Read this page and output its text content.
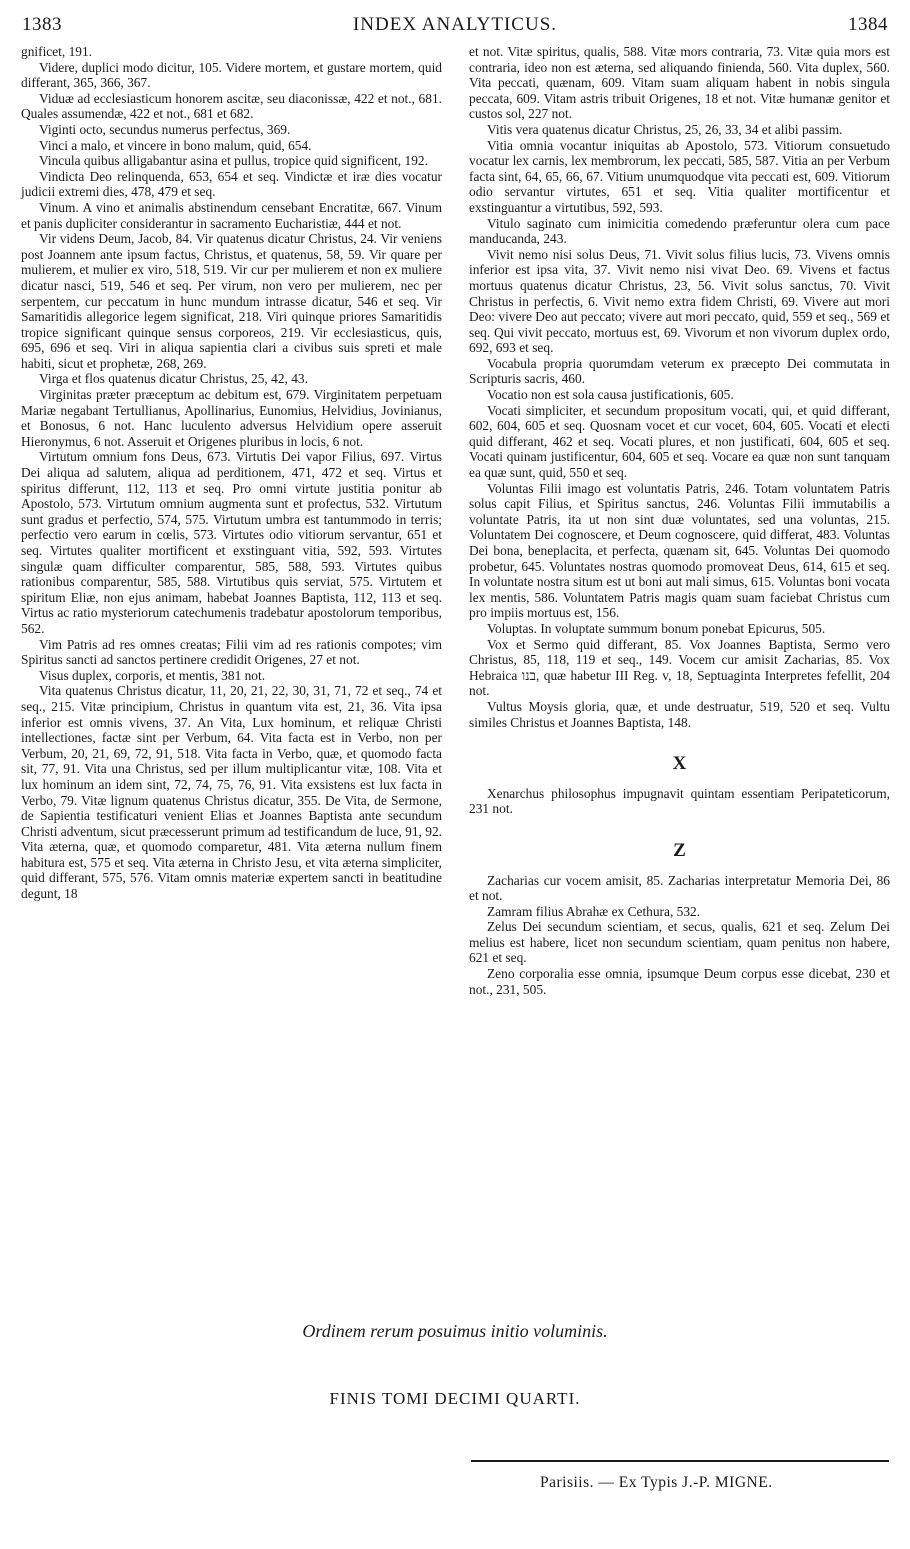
1383	INDEX ANALYTICUS.	1384

gnificet, 191.

Videre, duplici modo dicitur, 105. Videre mortem, et gustare mortem, quid differant, 365, 366, 367.

Viduæ ad ecclesiasticum honorem ascitæ, seu diaconissæ, 422 et not., 681. Quales assumendæ, 422 et not., 681 et 682.

Viginti octo, secundus numerus perfectus, 369.

Vinci a malo, et vincere in bono malum, quid, 654.

Vincula quibus alligabantur asina et pullus, tropice quid significent, 192.

Vindicta Deo relinquenda, 653, 654 et seq. Vindictæ et iræ dies vocatur judicii extremi dies, 478, 479 et seq.

Vinum. A vino et animalis abstinendum censebant Encratitæ, 667. Vinum et panis dupliciter considerantur in sacramento Eucharistiæ, 444 et not.

Vir videns Deum, Jacob, 84. Vir quatenus dicatur Christus, 24. Vir veniens post Joannem ante ipsum factus, Christus, et quatenus, 58, 59. Vir quare per mulierem, et mulier ex viro, 518, 519. Vir cur per mulierem et non ex muliere dicatur nasci, 519, 546 et seq. Per virum, non vero per mulierem, nec per serpentem, cur peccatum in hunc mundum intrasse dicatur, 546 et seq. Vir Samaritidis allegorice legem significat, 218. Viri quinque priores Samaritidis tropice significant quinque sensus corporeos, 219. Vir ecclesiasticus, quis, 695, 696 et seq. Viri in aliqua sapientia clari a civibus suis spreti et male habiti, sicut et prophetæ, 268, 269.

Virga et flos quatenus dicatur Christus, 25, 42, 43.

Virginitas præter præceptum ac debitum est, 679. Virginitatem perpetuam Mariæ negabant Tertullianus, Apollinarius, Eunomius, Helvidius, Jovinianus, et Bonosus, 6 not. Hanc luculento adversus Helvidium opere asseruit Hieronymus, 6 not. Asseruit et Origenes pluribus in locis, 6 not.

Virtutum omnium fons Deus, 673. Virtutis Dei vapor Filius, 697. Virtus Dei aliqua ad salutem, aliqua ad perditionem, 471, 472 et seq. Virtus et spiritus differunt, 112, 113 et seq. Pro omni virtute justitia ponitur ab Apostolo, 573. Virtutum omnium augmenta sunt et profectus, 532. Virtutum sunt gradus et perfectio, 574, 575. Virtutum umbra est tantummodo in terris; perfectio vero earum in cœlis, 573. Virtutes odio vitiorum servantur, 651 et seq. Virtutes qualiter mortificent et exstinguant vitia, 592, 593. Virtutes singulæ quam difficulter comparentur, 585, 588, 593. Virtutes quibus rationibus comparentur, 585, 588. Virtutibus quis serviat, 575. Virtutem et spiritum Eliæ, non ejus animam, habebat Joannes Baptista, 112, 113 et seq. Virtus ac ratio mysteriorum catechumenis tradebatur apostolorum temporibus, 562.

Vim Patris ad res omnes creatas; Filii vim ad res rationis compotes; vim Spiritus sancti ad sanctos pertinere credidit Origenes, 27 et not.

Visus duplex, corporis, et mentis, 381 not.

Vita quatenus Christus dicatur, 11, 20, 21, 22, 30, 31, 71, 72 et seq., 74 et seq., 215. Vitæ principium, Christus in quantum vita est, 21, 36. Vita ipsa inferior est omnis vivens, 37. An Vita, Lux hominum, et reliquæ Christi intellectiones, factæ sint per Verbum, 64. Vita facta est in Verbo, non per Verbum, 20, 21, 69, 72, 91, 518. Vita facta in Verbo, quæ, et quomodo facta sit, 77, 91. Vita una Christus, sed per illum multiplicantur vitæ, 108. Vita et lux hominum an idem sint, 72, 74, 75, 76, 91. Vita exsistens est lux facta in Verbo, 79. Vitæ lignum quatenus Christus dicatur, 355. De Vita, de Sermone, de Sapientia testificaturi venient Elias et Joannes Baptista ante secundum Christi adventum, sicut præcesserunt primum ad testificandum de luce, 91, 92. Vita æterna, quæ, et quomodo comparetur, 481. Vita æterna nullum finem habitura est, 575 et seq. Vita æterna in Christo Jesu, et vita æterna simpliciter, quid differant, 575, 576. Vitam omnis materiæ expertem sancti in beatitudine degunt, 18

et not. Vitæ spiritus, qualis, 588. Vitæ mors contraria, 73. Vitæ quia mors est contraria, ideo non est æterna, sed aliquando finienda, 560. Vita duplex, 560. Vita peccati, quænam, 609. Vitam suam aliquam habent in nobis singula peccata, 609. Vitam astris tribuit Origenes, 18 et not. Vitæ humanæ genitor et custos sol, 227 not.

Vitis vera quatenus dicatur Christus, 25, 26, 33, 34 et alibi passim.

Vitia omnia vocantur iniquitas ab Apostolo, 573. Vitiorum consuetudo vocatur lex carnis, lex membrorum, lex peccati, 585, 587. Vitia an per Verbum facta sint, 64, 65, 66, 67. Vitium unumquodque vita peccati est, 609. Vitiorum odio servantur virtutes, 651 et seq. Vitia qualiter mortificentur et exstinguantur a virtutibus, 592, 593.

Vitulo saginato cum inimicitia comedendo præferuntur olera cum pace manducanda, 243.

Vivit nemo nisi solus Deus, 71. Vivit solus filius lucis, 73. Vivens omnis inferior est ipsa vita, 37. Vivit nemo nisi vivat Deo. 69. Vivens et factus mortuus quatenus dicatur Christus, 23, 56. Vivit solus sanctus, 70. Vivit Christus in perfectis, 6. Vivit nemo extra fidem Christi, 69. Vivere aut mori Deo: vivere Deo aut peccato; vivere aut mori peccato, quid, 559 et seq., 569 et seq. Qui vivit peccato, mortuus est, 69. Vivorum et non vivorum duplex ordo, 692, 693 et seq.

Vocabula propria quorumdam veterum ex præcepto Dei commutata in Scripturis sacris, 460.

Vocatio non est sola causa justificationis, 605.

Vocati simpliciter, et secundum propositum vocati, qui, et quid differant, 602, 604, 605 et seq. Quosnam vocet et cur vocet, 604, 605. Vocati et electi quid differant, 462 et seq. Vocati plures, et non justificati, 604, 605 et seq. Vocati quinam justificentur, 604, 605 et seq. Vocare ea quæ non sunt tanquam ea quæ sunt, quid, 550 et seq.

Voluntas Filii imago est voluntatis Patris, 246. Totam voluntatem Patris solus capit Filius, et Spiritus sanctus, 246. Voluntas Filii immutabilis a voluntate Patris, ita ut non sint duæ voluntates, sed una voluntas, 215. Voluntatem Dei cognoscere, et Deum cognoscere, quid differat, 483. Voluntas Dei bona, beneplacita, et perfecta, quænam sit, 645. Voluntas Dei quomodo probetur, 645. Voluntates nostras quomodo promoveat Deus, 614, 615 et seq. In voluntate nostra situm est ut boni aut mali simus, 615. Voluntas boni vocata lex mentis, 586. Voluntatem Patris magis quam suam faciebat Christus cum pro impiis mortuus est, 156.

Voluptas. In voluptate summum bonum ponebat Epicurus, 505.

Vox et Sermo quid differant, 85. Vox Joannes Baptista, Sermo vero Christus, 85, 118, 119 et seq., 149. Vocem cur amisit Zacharias, 85. Vox Hebraica בנו, quæ habetur III Reg. v, 18, Septuaginta Interpretes fefellit, 204 not.

Vultus Moysis gloria, quæ, et unde destruatur, 519, 520 et seq. Vultu similes Christus et Joannes Baptista, 148.

X

Xenarchus philosophus impugnavit quintam essentiam Peripateticorum, 231 not.

Z

Zacharias cur vocem amisit, 85. Zacharias interpretatur Memoria Dei, 86 et not.

Zamram filius Abrahæ ex Cethura, 532.

Zelus Dei secundum scientiam, et secus, qualis, 621 et seq. Zelum Dei melius est habere, licet non secundum scientiam, quam penitus non habere, 621 et seq.

Zeno corporalia esse omnia, ipsumque Deum corpus esse dicebat, 230 et not., 231, 505.

Ordinem rerum posuimus initio voluminis.
FINIS TOMI DECIMI QUARTI.
Parisiis. — Ex Typis J.-P. MIGNE.
